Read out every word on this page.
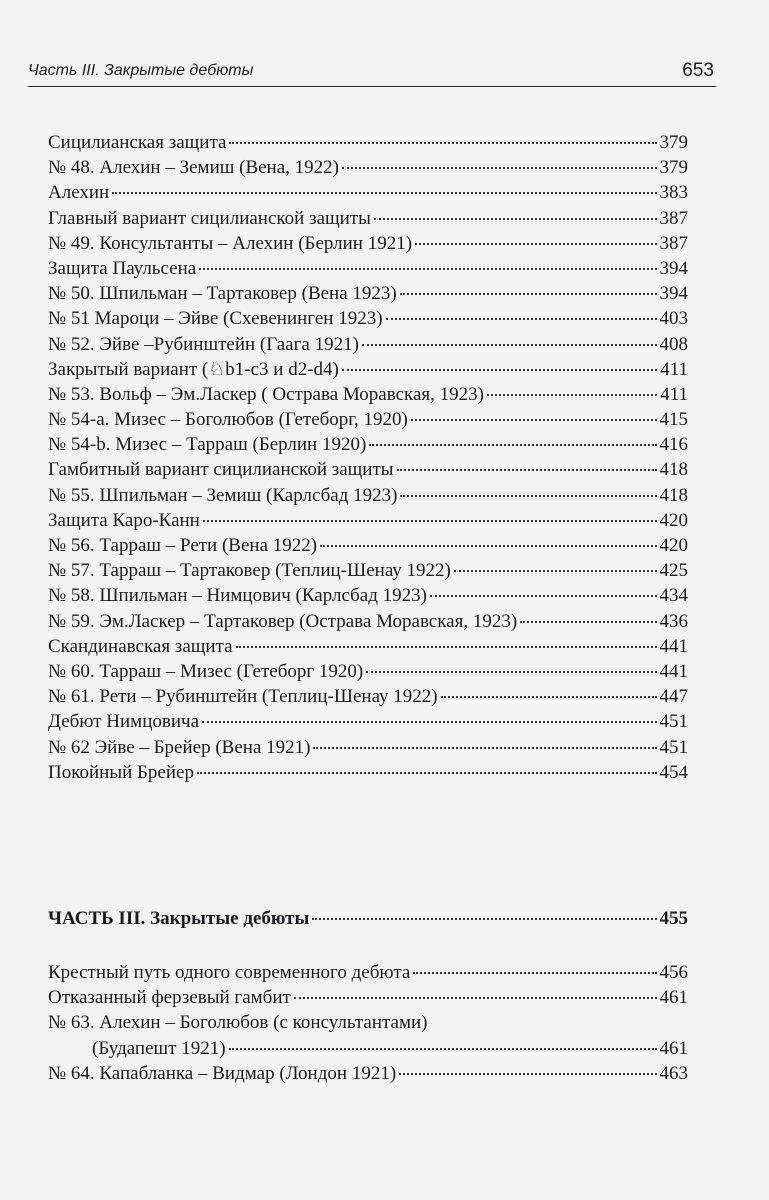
Часть III. Закрытые дебюты	653
Сицилианская защита	379
№ 48. Алехин – Земиш (Вена, 1922)	379
Алехин	383
Главный вариант сицилианской защиты	387
№ 49. Консультанты – Алехин (Берлин 1921)	387
Защита Паульсена	394
№ 50. Шпильман – Тартаковер (Вена 1923)	394
№ 51 Мароци – Эйве (Схевенинген 1923)	403
№ 52. Эйве –Рубинштейн (Гаага 1921)	408
Закрытый вариант (♘b1-c3 и d2-d4)	411
№ 53. Вольф – Эм.Ласкер ( Острава Моравская, 1923)	411
№ 54-а. Мизес – Боголюбов (Гетеборг, 1920)	415
№ 54-b. Мизес – Тарраш (Берлин 1920)	416
Гамбитный вариант сицилианской защиты	418
№ 55. Шпильман – Земиш (Карлсбад 1923)	418
Защита Каро-Канн	420
№ 56. Тарраш – Рети (Вена 1922)	420
№ 57. Тарраш – Тартаковер (Теплиц-Шенау 1922)	425
№ 58. Шпильман – Нимцович (Карлсбад 1923)	434
№ 59. Эм.Ласкер – Тартаковер (Острава Моравская, 1923)	436
Скандинавская защита	441
№ 60. Тарраш – Мизес (Гетеборг 1920)	441
№ 61. Рети – Рубинштейн (Теплиц-Шенау 1922)	447
Дебют Нимцовича	451
№ 62 Эйве – Брейер (Вена 1921)	451
Покойный Брейер	454
ЧАСТЬ III. Закрытые дебюты	455
Крестный путь одного современного дебюта	456
Отказанный ферзевый гамбит	461
№ 63. Алехин – Боголюбов (с консультантами)
(Будапешт 1921)	461
№ 64. Капабланка – Видмар (Лондон 1921)	463
